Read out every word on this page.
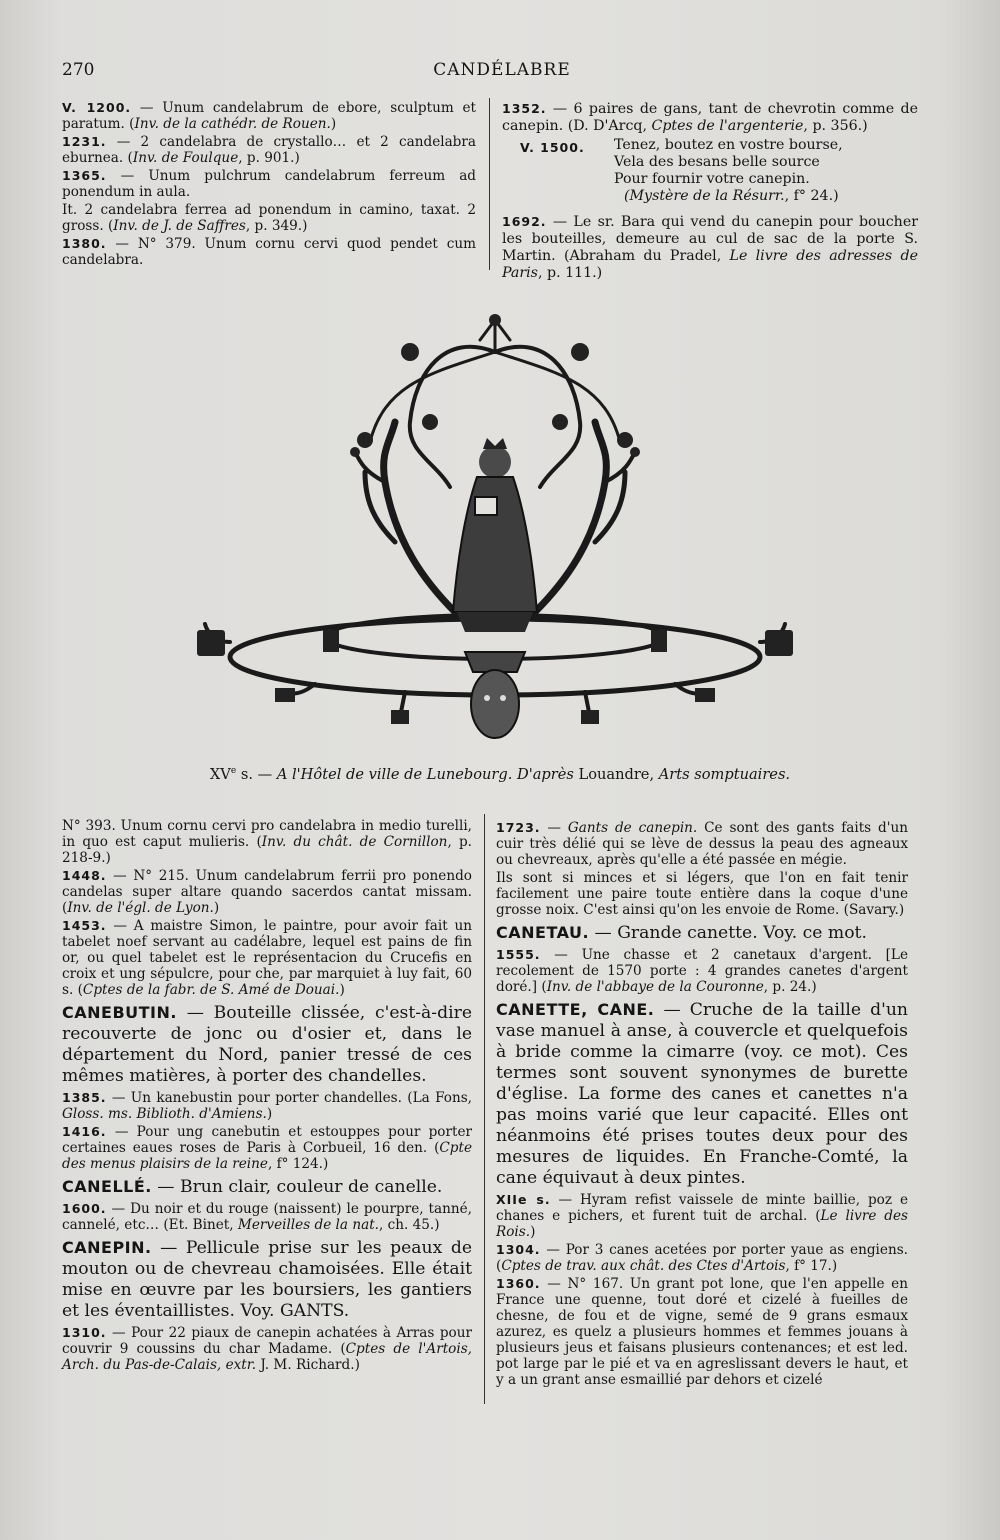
270	CANDÉLABRE

V. 1200. — Unum candelabrum de ebore, sculptum et paratum. (Inv. de la cathédr. de Rouen.)

1231. — 2 candelabra de crystallo… et 2 candelabra eburnea. (Inv. de Foulque, p. 901.)

1365. — Unum pulchrum candelabrum ferreum ad ponendum in aula.

It. 2 candelabra ferrea ad ponendum in camino, taxat. 2 gross. (Inv. de J. de Saffres, p. 349.)

1380. — N° 379. Unum cornu cervi quod pendet cum candelabra.

1352. — 6 paires de gans, tant de chevrotin comme de canepin. (D. D'Arcq, Cptes de l'argenterie, p. 356.)

V. 1500. Tenez, boutez en vostre bourse,
Vela des besans belle source
Pour fournir votre canepin.
(Mystère de la Résurr., f° 24.)

1692. — Le sr. Bara qui vend du canepin pour boucher les bouteilles, demeure au cul de sac de la porte S. Martin. (Abraham du Pradel, Le livre des adresses de Paris, p. 111.)

XVe s. — A l'Hôtel de ville de Lunebourg. D'après Louandre, Arts somptuaires.

N° 393. Unum cornu cervi pro candelabra in medio turelli, in quo est caput mulieris. (Inv. du chât. de Cornillon, p. 218-9.)

1448. — N° 215. Unum candelabrum ferrii pro ponendo candelas super altare quando sacerdos cantat missam. (Inv. de l'égl. de Lyon.)

1453. — A maistre Simon, le paintre, pour avoir fait un tabelet noef servant au cadélabre, lequel est pains de fin or, ou quel tabelet est le représentacion du Crucefis en croix et ung sépulcre, pour che, par marquiet à luy fait, 60 s. (Cptes de la fabr. de S. Amé de Douai.)

CANEBUTIN. — Bouteille clissée, c'est-à-dire recouverte de jonc ou d'osier et, dans le département du Nord, panier tressé de ces mêmes matières, à porter des chandelles.

1385. — Un kanebustin pour porter chandelles. (La Fons, Gloss. ms. Biblioth. d'Amiens.)

1416. — Pour ung canebutin et estouppes pour porter certaines eaues roses de Paris à Corbueil, 16 den. (Cpte des menus plaisirs de la reine, f° 124.)

CANELLÉ. — Brun clair, couleur de canelle.

1600. — Du noir et du rouge (naissent) le pourpre, tanné, cannelé, etc… (Et. Binet, Merveilles de la nat., ch. 45.)

CANEPIN. — Pellicule prise sur les peaux de mouton ou de chevreau chamoisées. Elle était mise en œuvre par les boursiers, les gantiers et les éventaillistes. Voy. GANTS.

1310. — Pour 22 piaux de canepin achatées à Arras pour couvrir 9 coussins du char Madame. (Cptes de l'Artois, Arch. du Pas-de-Calais, extr. J. M. Richard.)

1723. — Gants de canepin. Ce sont des gants faits d'un cuir très délié qui se lève de dessus la peau des agneaux ou chevreaux, après qu'elle a été passée en mégie.

Ils sont si minces et si légers, que l'on en fait tenir facilement une paire toute entière dans la coque d'une grosse noix. C'est ainsi qu'on les envoie de Rome. (Savary.)

CANETAU. — Grande canette. Voy. ce mot.

1555. — Une chasse et 2 canetaux d'argent. [Le recolement de 1570 porte : 4 grandes canetes d'argent doré.] (Inv. de l'abbaye de la Couronne, p. 24.)

CANETTE, CANE. — Cruche de la taille d'un vase manuel à anse, à couvercle et quelquefois à bride comme la cimarre (voy. ce mot). Ces termes sont souvent synonymes de burette d'église. La forme des canes et canettes n'a pas moins varié que leur capacité. Elles ont néanmoins été prises toutes deux pour des mesures de liquides. En Franche-Comté, la cane équivaut à deux pintes.

XIIe s. — Hyram refist vaissele de minte baillie, poz e chanes e pichers, et furent tuit de archal. (Le livre des Rois.)

1304. — Por 3 canes acetées por porter yaue as engiens. (Cptes de trav. aux chât. des Ctes d'Artois, f° 17.)

1360. — N° 167. Un grant pot lone, que l'en appelle en France une quenne, tout doré et cizelé à fueilles de chesne, de fou et de vigne, semé de 9 grans esmaux azurez, es quelz a plusieurs hommes et femmes jouans à plusieurs jeus et faisans plusieurs contenances; et est led. pot large par le pié et va en agreslissant devers le haut, et y a un grant anse esmaillié par dehors et cizelé
